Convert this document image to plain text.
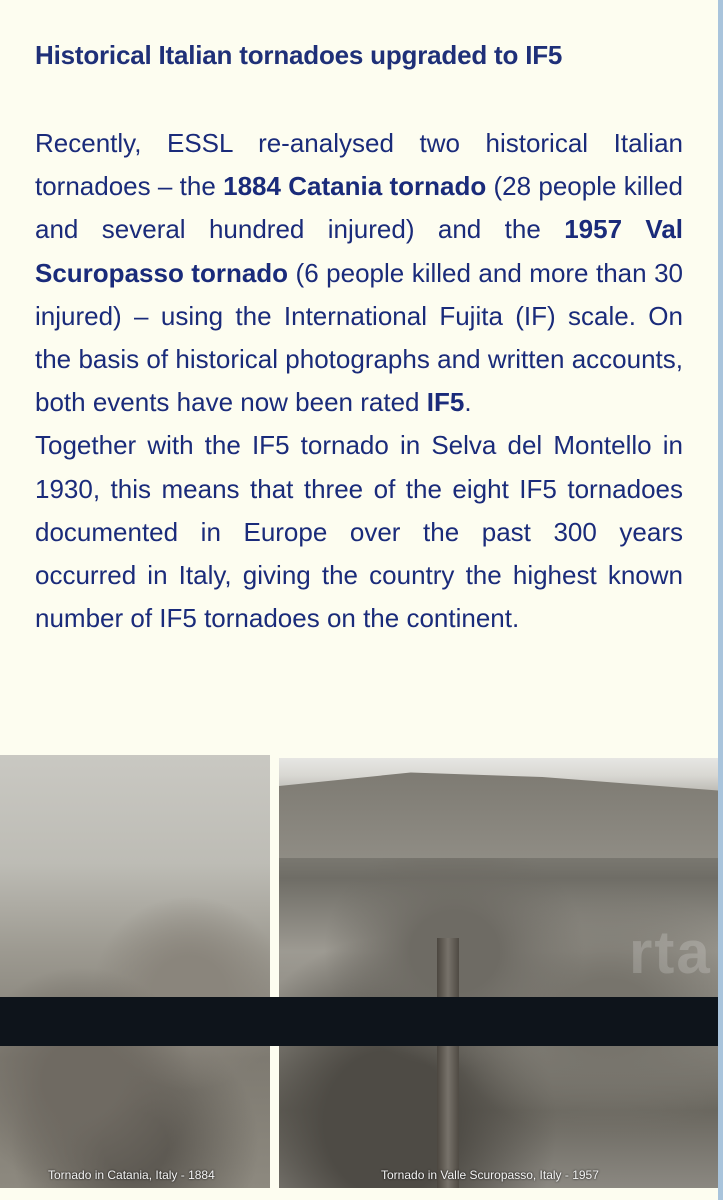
Historical Italian tornadoes upgraded to IF5
Recently, ESSL re-analysed two historical Italian tornadoes – the 1884 Catania tornado (28 people killed and several hundred injured) and the 1957 Val Scuropasso tornado (6 people killed and more than 30 injured) – using the International Fujita (IF) scale. On the basis of historical photographs and written accounts, both events have now been rated IF5.
Together with the IF5 tornado in Selva del Montello in 1930, this means that three of the eight IF5 tornadoes documented in Europe over the past 300 years occurred in Italy, giving the country the highest known number of IF5 tornadoes on the continent.
Tornado in Catania, Italy - 1884
rta
Tornado in Valle Scuropasso, Italy - 1957
